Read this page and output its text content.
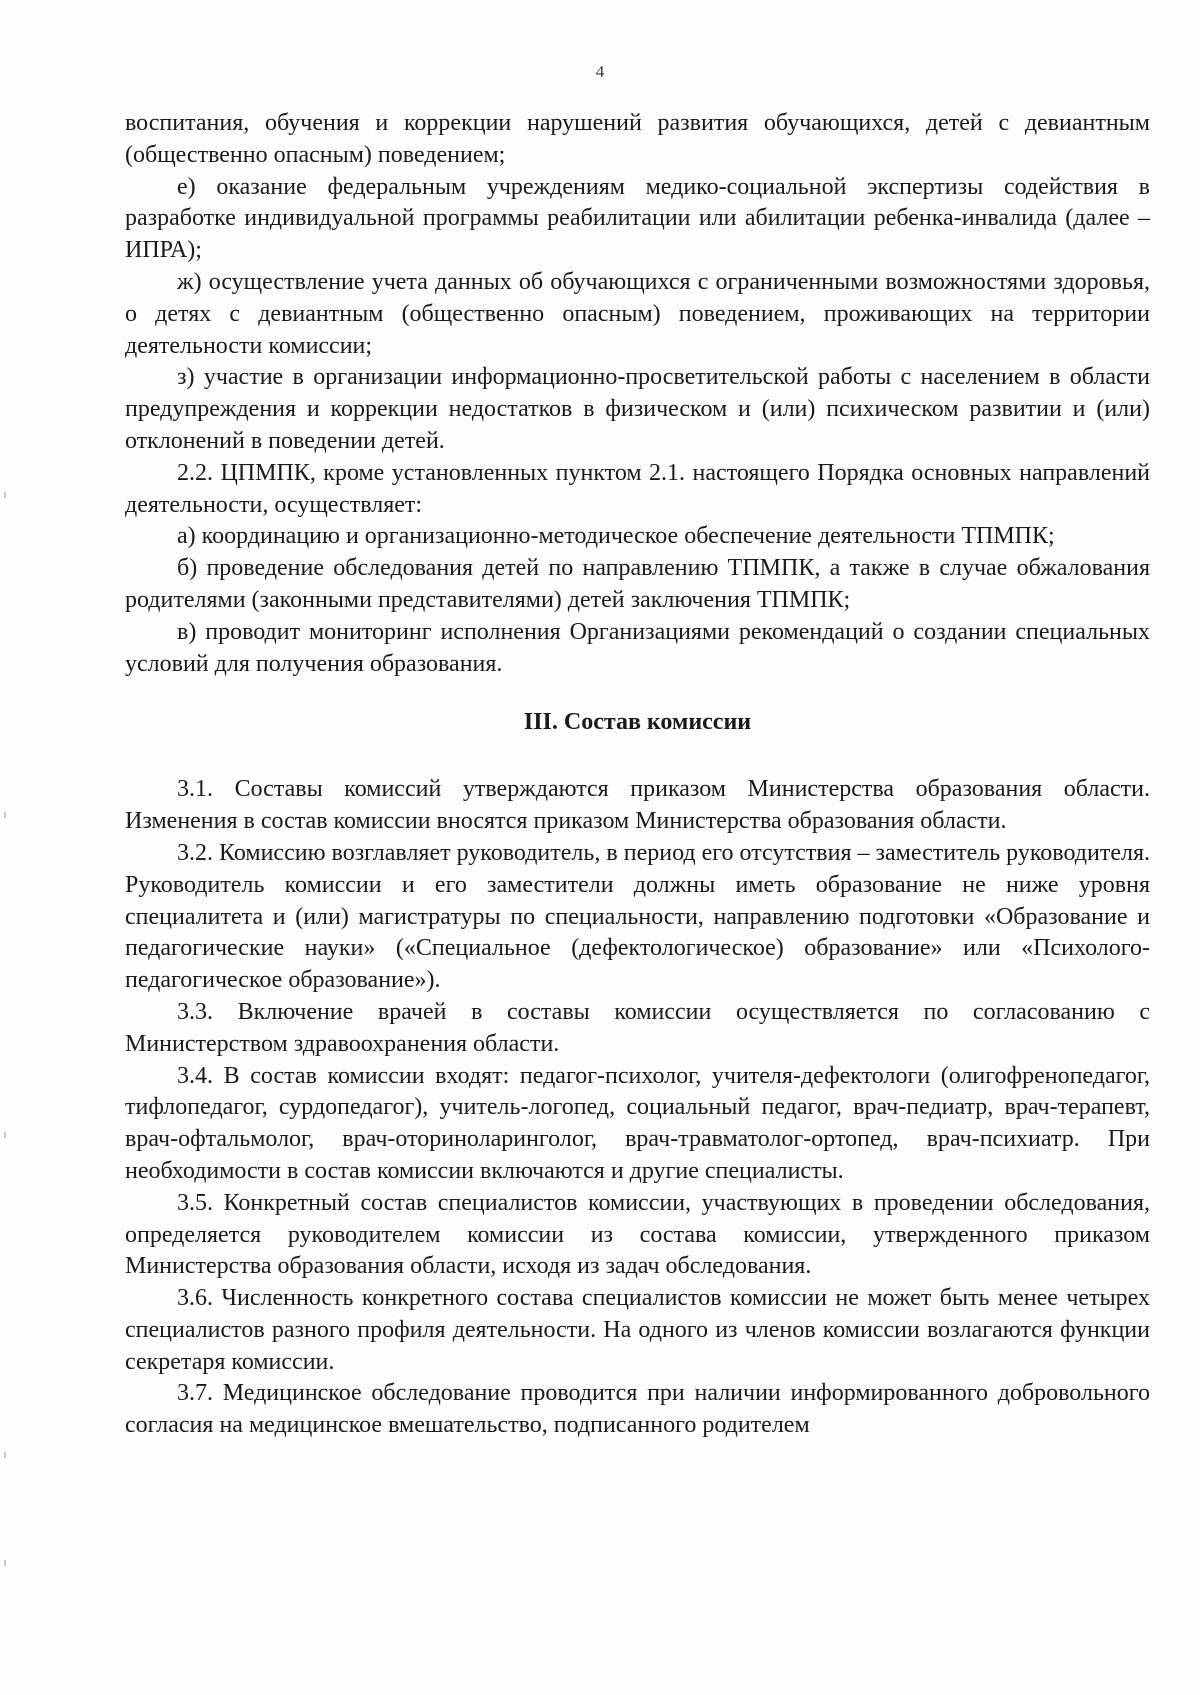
4

воспитания, обучения и коррекции нарушений развития обучающихся, детей с девиантным (общественно опасным) поведением;

е) оказание федеральным учреждениям медико-социальной экспертизы содействия в разработке индивидуальной программы реабилитации или абилитации ребенка-инвалида (далее – ИПРА);

ж) осуществление учета данных об обучающихся с ограниченными возможностями здоровья, о детях с девиантным (общественно опасным) поведением, проживающих на территории деятельности комиссии;

з) участие в организации информационно-просветительской работы с населением в области предупреждения и коррекции недостатков в физическом и (или) психическом развитии и (или) отклонений в поведении детей.

2.2. ЦПМПК, кроме установленных пунктом 2.1. настоящего Порядка основных направлений деятельности, осуществляет:

а) координацию и организационно-методическое обеспечение деятельности ТПМПК;

б) проведение обследования детей по направлению ТПМПК, а также в случае обжалования родителями (законными представителями) детей заключения ТПМПК;

в) проводит мониторинг исполнения Организациями рекомендаций о создании специальных условий для получения образования.

III. Состав комиссии

3.1. Составы комиссий утверждаются приказом Министерства образования области. Изменения в состав комиссии вносятся приказом Министерства образования области.

3.2. Комиссию возглавляет руководитель, в период его отсутствия – заместитель руководителя. Руководитель комиссии и его заместители должны иметь образование не ниже уровня специалитета и (или) магистратуры по специальности, направлению подготовки «Образование и педагогические науки» («Специальное (дефектологическое) образование» или «Психолого-педагогическое образование»).

3.3. Включение врачей в составы комиссии осуществляется по согласованию с Министерством здравоохранения области.

3.4. В состав комиссии входят: педагог-психолог, учителя-дефектологи (олигофренопедагог, тифлопедагог, сурдопедагог), учитель-логопед, социальный педагог, врач-педиатр, врач-терапевт, врач-офтальмолог, врач-оториноларинголог, врач-травматолог-ортопед, врач-психиатр. При необходимости в состав комиссии включаются и другие специалисты.

3.5. Конкретный состав специалистов комиссии, участвующих в проведении обследования, определяется руководителем комиссии из состава комиссии, утвержденного приказом Министерства образования области, исходя из задач обследования.

3.6. Численность конкретного состава специалистов комиссии не может быть менее четырех специалистов разного профиля деятельности. На одного из членов комиссии возлагаются функции секретаря комиссии.

3.7. Медицинское обследование проводится при наличии информированного добровольного согласия на медицинское вмешательство, подписанного родителем
